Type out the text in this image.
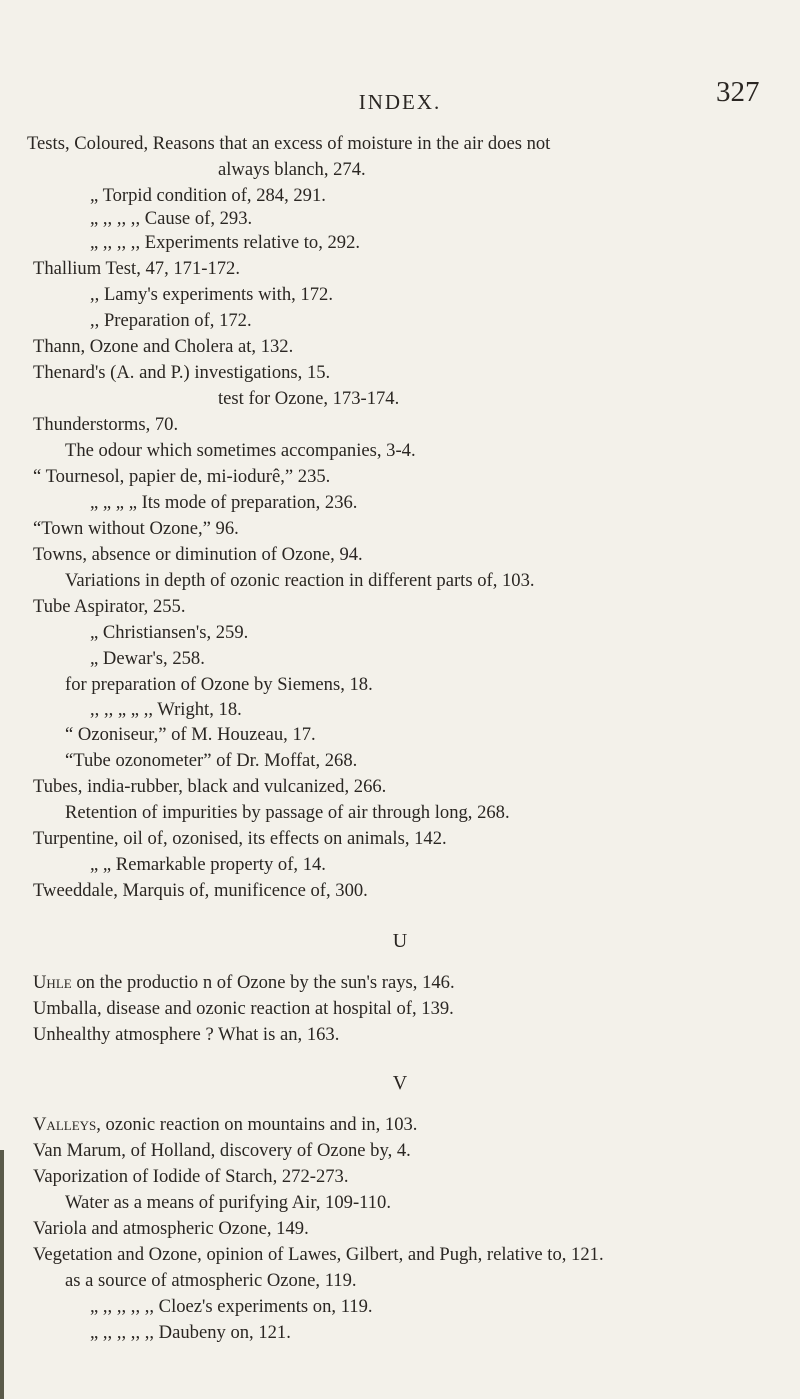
INDEX.	327
Tests, Coloured, Reasons that an excess of moisture in the air does not
always blanch, 274.
„ Torpid condition of, 284, 291.
„ ,, ,, ,, Cause of, 293.
„ ,, ,, ,, Experiments relative to, 292.
Thallium Test, 47, 171-172.
,, Lamy's experiments with, 172.
,, Preparation of, 172.
Thann, Ozone and Cholera at, 132.
Thenard's (A. and P.) investigations, 15.
test for Ozone, 173-174.
Thunderstorms, 70.
The odour which sometimes accompanies, 3-4.
“ Tournesol, papier de, mi-iodurê,” 235.
„ „ „ „ Its mode of preparation, 236.
“Town without Ozone,” 96.
Towns, absence or diminution of Ozone, 94.
Variations in depth of ozonic reaction in different parts of, 103.
Tube Aspirator, 255.
„ Christiansen's, 259.
„ Dewar's, 258.
for preparation of Ozone by Siemens, 18.
,, ,, „ „ ,, Wright, 18.
“ Ozoniseur,” of M. Houzeau, 17.
“Tube ozonometer” of Dr. Moffat, 268.
Tubes, india-rubber, black and vulcanized, 266.
Retention of impurities by passage of air through long, 268.
Turpentine, oil of, ozonised, its effects on animals, 142.
„ „ Remarkable property of, 14.
Tweeddale, Marquis of, munificence of, 300.
U
Uhle on the productio n of Ozone by the sun's rays, 146.
Umballa, disease and ozonic reaction at hospital of, 139.
Unhealthy atmosphere ? What is an, 163.
V
Valleys, ozonic reaction on mountains and in, 103.
Van Marum, of Holland, discovery of Ozone by, 4.
Vaporization of Iodide of Starch, 272-273.
Water as a means of purifying Air, 109-110.
Variola and atmospheric Ozone, 149.
Vegetation and Ozone, opinion of Lawes, Gilbert, and Pugh, relative to, 121.
as a source of atmospheric Ozone, 119.
„ ,, ,, ,, ,, Cloez's experiments on, 119.
„ ,, ,, ,, ,, Daubeny on, 121.
